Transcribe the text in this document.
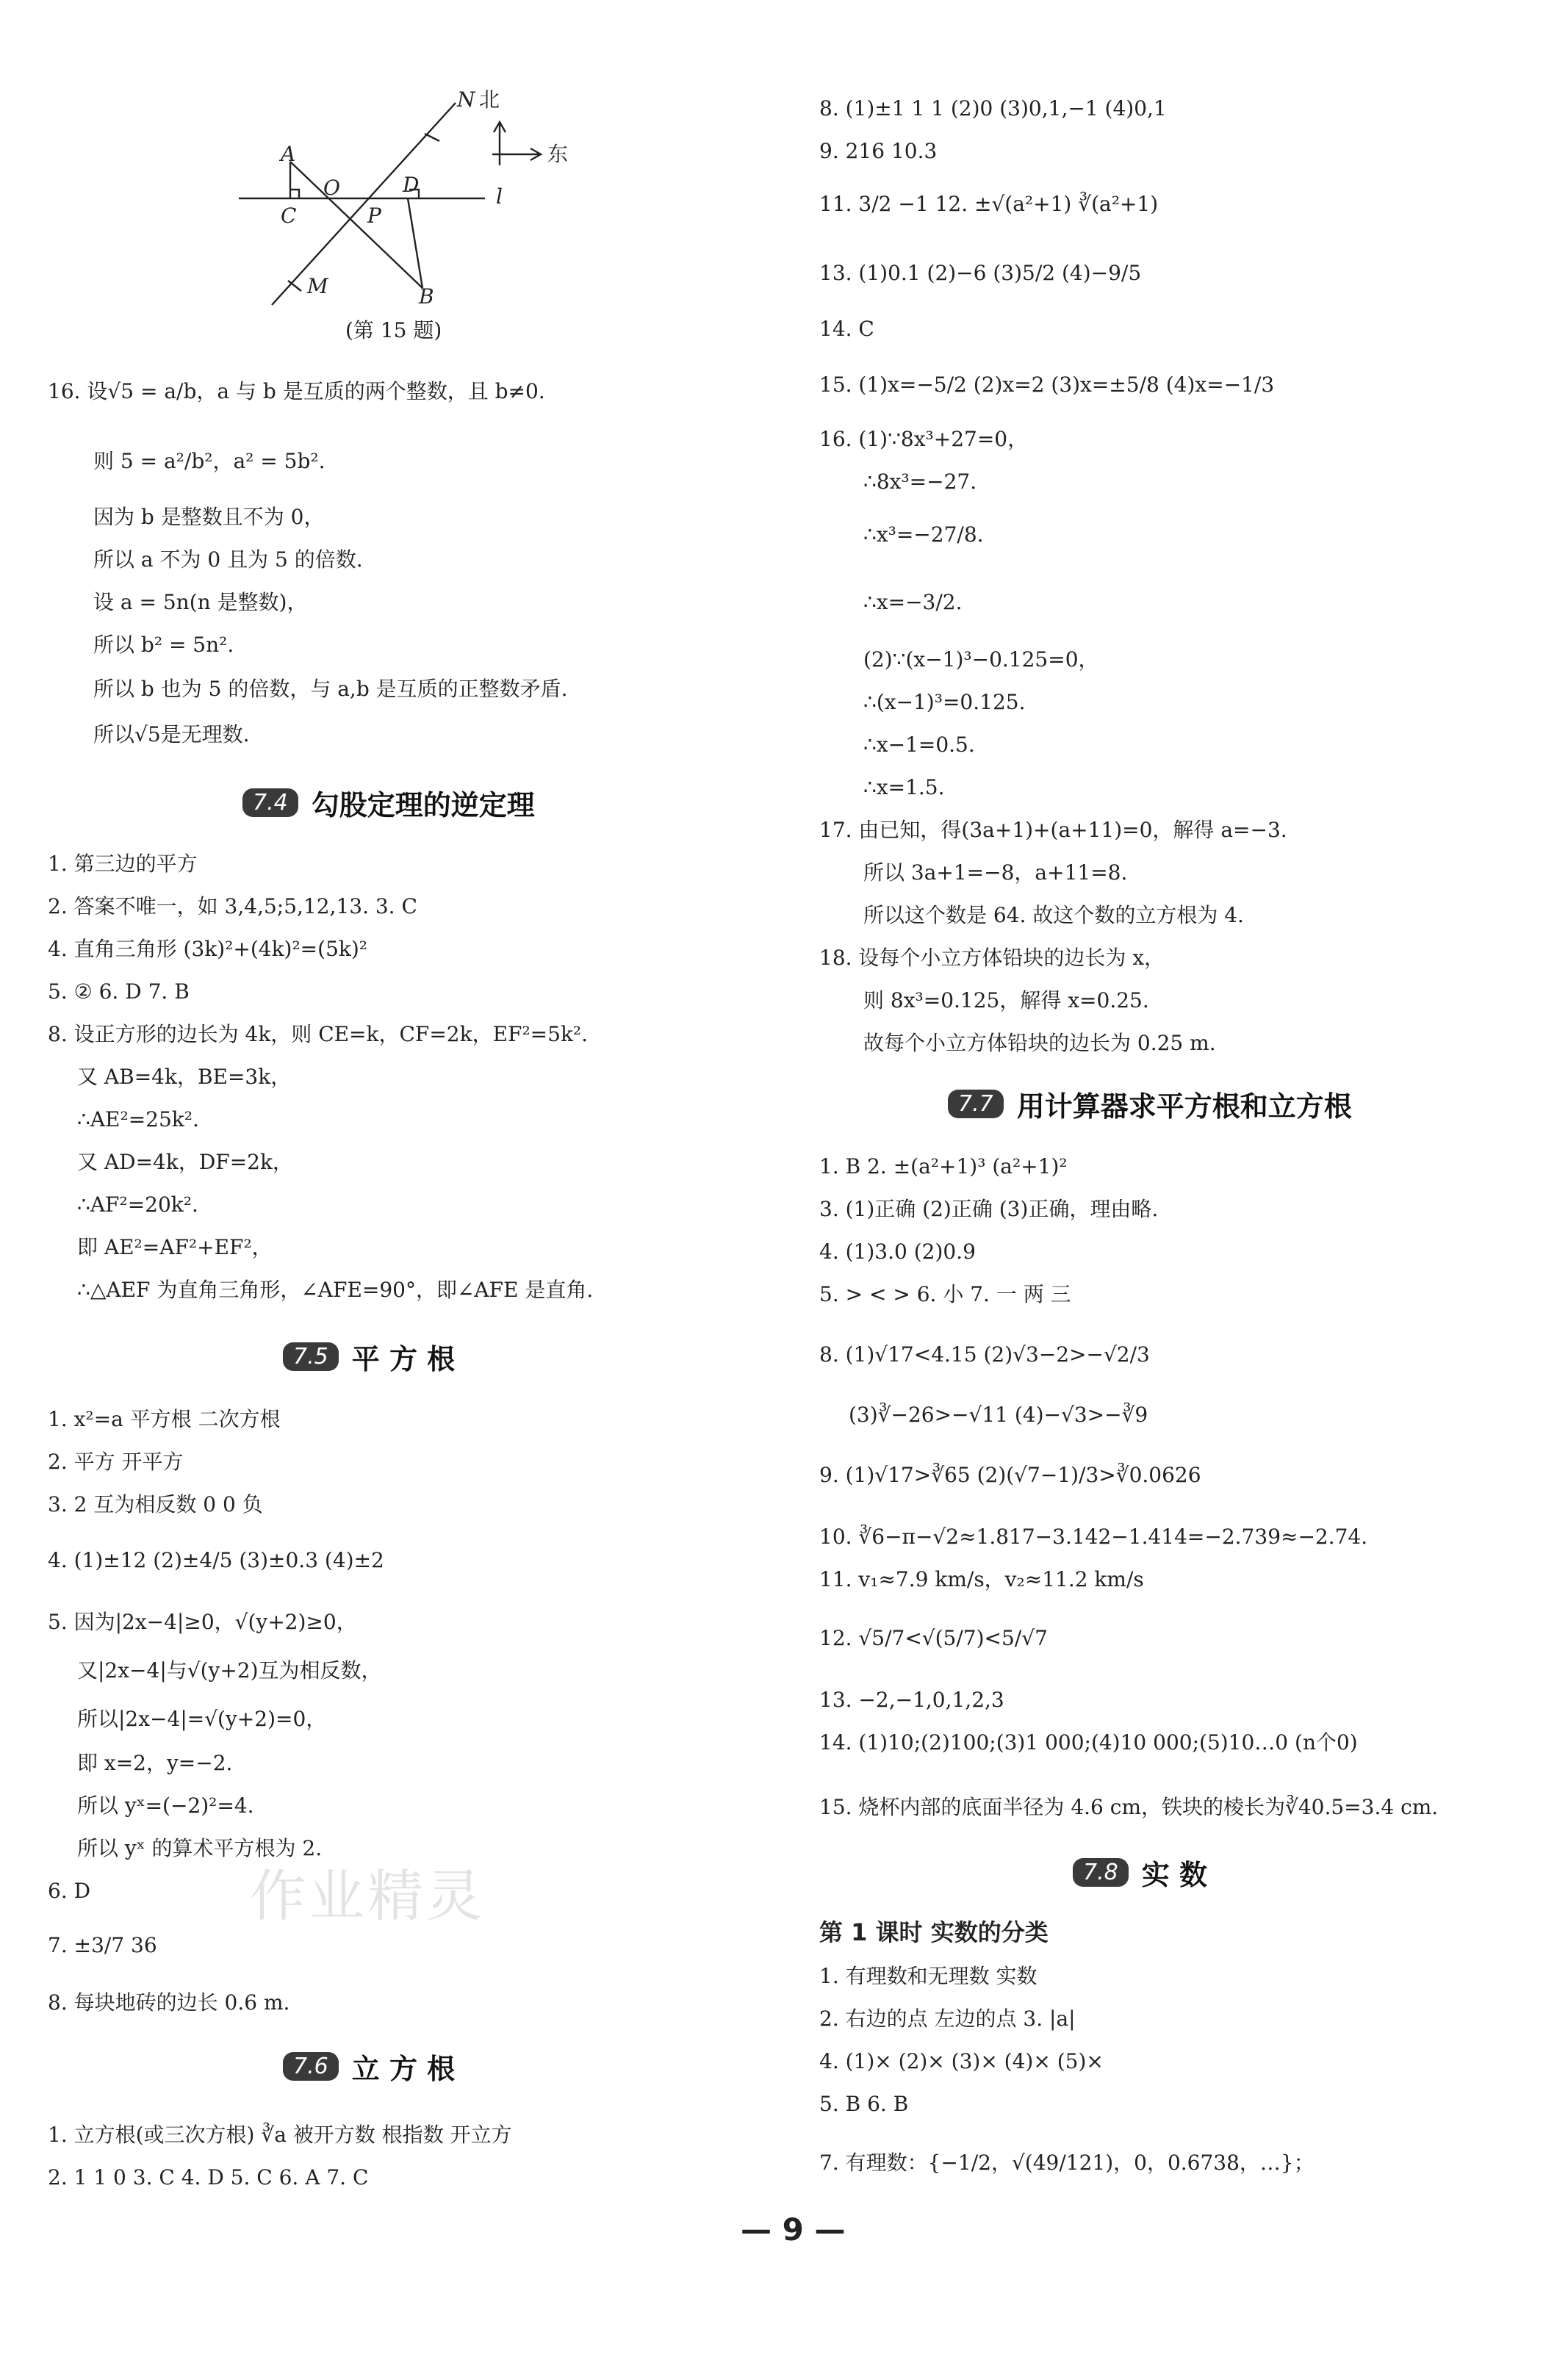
N 北
东
A
O	D	l
C	P
M	B
(第 15 题)
16. 设√5 = a/b，a 与 b 是互质的两个整数，且 b≠0.
则 5 = a²/b²，a² = 5b².
因为 b 是整数且不为 0，
所以 a 不为 0 且为 5 的倍数.
设 a = 5n(n 是整数)，
所以 b² = 5n².
所以 b 也为 5 的倍数，与 a,b 是互质的正整数矛盾.
所以√5是无理数.
7.4 勾股定理的逆定理
1. 第三边的平方
2. 答案不唯一，如 3,4,5;5,12,13. 3. C
4. 直角三角形 (3k)²+(4k)²=(5k)²
5. ② 6. D 7. B
8. 设正方形的边长为 4k，则 CE=k，CF=2k，EF²=5k².
又 AB=4k，BE=3k，
∴AE²=25k².
又 AD=4k，DF=2k，
∴AF²=20k².
即 AE²=AF²+EF²，
∴△AEF 为直角三角形，∠AFE=90°，即∠AFE 是直角.
7.5 平 方 根
1. x²=a 平方根 二次方根
2. 平方 开平方
3. 2 互为相反数 0 0 负
4. (1)±12 (2)±4/5 (3)±0.3 (4)±2
5. 因为|2x−4|≥0，√(y+2)≥0，
又|2x−4|与√(y+2)互为相反数，
所以|2x−4|=√(y+2)=0，
即 x=2，y=−2.
所以 yˣ=(−2)²=4.
所以 yˣ 的算术平方根为 2.
6. D
7. ±3/7 36
8. 每块地砖的边长 0.6 m.
7.6 立 方 根
1. 立方根(或三次方根) ∛a 被开方数 根指数 开立方
2. 1 1 0 3. C 4. D 5. C 6. A 7. C
8. (1)±1 1 1 (2)0 (3)0,1,−1 (4)0,1
9. 216 10.3
11. 3/2 −1 12. ±√(a²+1) ∛(a²+1)
13. (1)0.1 (2)−6 (3)5/2 (4)−9/5
14. C
15. (1)x=−5/2 (2)x=2 (3)x=±5/8 (4)x=−1/3
16. (1)∵8x³+27=0，
∴8x³=−27.
∴x³=−27/8.
∴x=−3/2.
(2)∵(x−1)³−0.125=0，
∴(x−1)³=0.125.
∴x−1=0.5.
∴x=1.5.
17. 由已知，得(3a+1)+(a+11)=0，解得 a=−3.
所以 3a+1=−8，a+11=8.
所以这个数是 64. 故这个数的立方根为 4.
18. 设每个小立方体铅块的边长为 x，
则 8x³=0.125，解得 x=0.25.
故每个小立方体铅块的边长为 0.25 m.
7.7 用计算器求平方根和立方根
1. B 2. ±(a²+1)³ (a²+1)²
3. (1)正确 (2)正确 (3)正确，理由略.
4. (1)3.0 (2)0.9
5. > < > 6. 小 7. 一 两 三
8. (1)√17<4.15 (2)√3−2>−√2/3
(3)∛−26>−√11 (4)−√3>−∛9
9. (1)√17>∛65 (2)(√7−1)/3>∛0.0626
10. ∛6−π−√2≈1.817−3.142−1.414=−2.739≈−2.74.
11. v₁≈7.9 km/s，v₂≈11.2 km/s
12. √5/7<√(5/7)<5/√7
13. −2,−1,0,1,2,3
14. (1)10;(2)100;(3)1 000;(4)10 000;(5)10…0 (n个0)
15. 烧杯内部的底面半径为 4.6 cm，铁块的棱长为∛40.5=3.4 cm.
7.8 实 数
第 1 课时 实数的分类
1. 有理数和无理数 实数
2. 右边的点 左边的点 3. |a|
4. (1)× (2)× (3)× (4)× (5)×
5. B 6. B
7. 有理数：{−1/2，√(49/121)，0，0.6738，…}；
作业精灵
— 9 —
